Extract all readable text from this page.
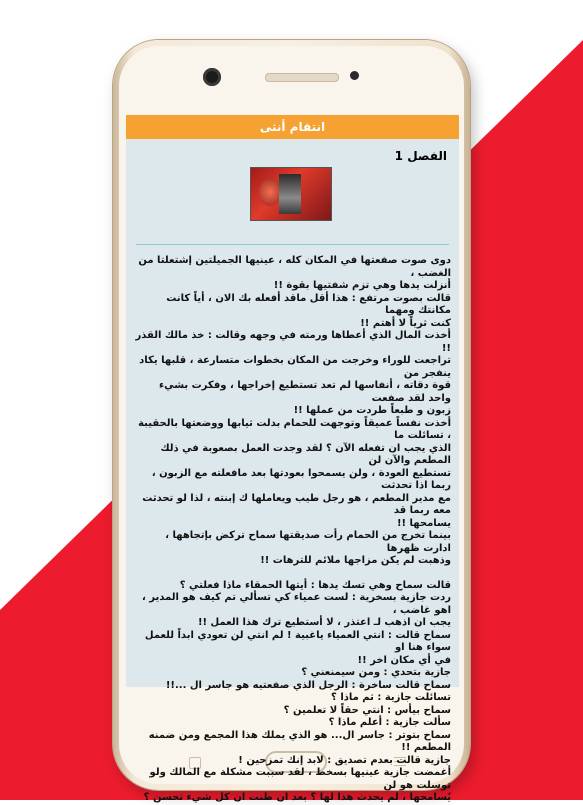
انتقام أنثى
الفصل 1

دوى صوت صفعتها في المكان كله ، عينيها الجميلتين إشتعلتا من الغضب ،

أنزلت يدها وهي تزم شفتيها بقوة !!

قالت بصوت مرتفع : هذا أقل ماقد أفعله بك الان ، أياً كانت مكانتك ومهما

كنت ثرياً لا أهتم !!

أخذت المال الذي أعطاها ورمته في وجهه وقالت : خذ مالك القذر !!

تراجعت للوراء وخرجت من المكان بخطوات متسارعة ، قلبها يكاد ينفجر من

قوة دقاته ، أنفاسها لم تعد تستطيع إخراجها ، وفكرت بشيء واحد لقد صفعت

زبون و طبعاً طردت من عملها !!

أخذت نفساً عميقاً وتوجهت للحمام بدلت ثيابها ووضعتها بالحقيبة ، تسائلت ما

الذي يجب ان تفعله الآن ؟ لقد وجدت العمل بصعوبة في ذلك المطعم والآن لن

تستطيع العودة ، ولن يسمحوا بعودتها بعد مافعلته مع الزبون ، ربما اذا تحدثت

مع مدير المطعم ، هو رجل طيب ويعاملها ك إبنته ، لذا لو تحدثت معه ربما قد

يسامحها !!

بينما تخرج من الحمام رأت صديقتها سماح تركض بإتجاهها ، ادارت ظهرها

وذهبت لم يكن مزاجها ملائم للترهات !!

قالت سماح وهي تسك يدها : أيتها الحمقاء ماذا فعلتي ؟

ردت جازية بسخرية : لست عمياء كي تسألي تم كيف هو المدير ، اهو غاضب ،

يجب ان اذهب لـ اعتذر ، لا أستطيع ترك هذا العمل !!

سماح قالت : انتي العمياء ياغبية ! لم انتي لن تعودي ابداً للعمل سواء هنا او

في أي مكان اخر !!

جازية بتحدي : ومن سيمنعني ؟

سماح قالت ساخرة : الرجل الذي صفعتيه هو جاسر ال ...!!

تسائلت جازية : ثم ماذا ؟

سماح بيأس : انتي حقاً لا تعلمين ؟

سألت جازية : أعلم ماذا ؟

سماح بتوتر : جاسر ال... هو الذي يملك هذا المجمع ومن ضمنه المطعم !!

جازية قالت بعدم تصديق : لابد إنك تمزحين !

أغمضت جازية عينيها بسخط ، لقد سببت مشكلة مع المالك ولو توسلت هو لن

يُسامحها ، لم يحدث هذا لها ؟ بعد ان ظنت ان كل شيء تحسن ؟
